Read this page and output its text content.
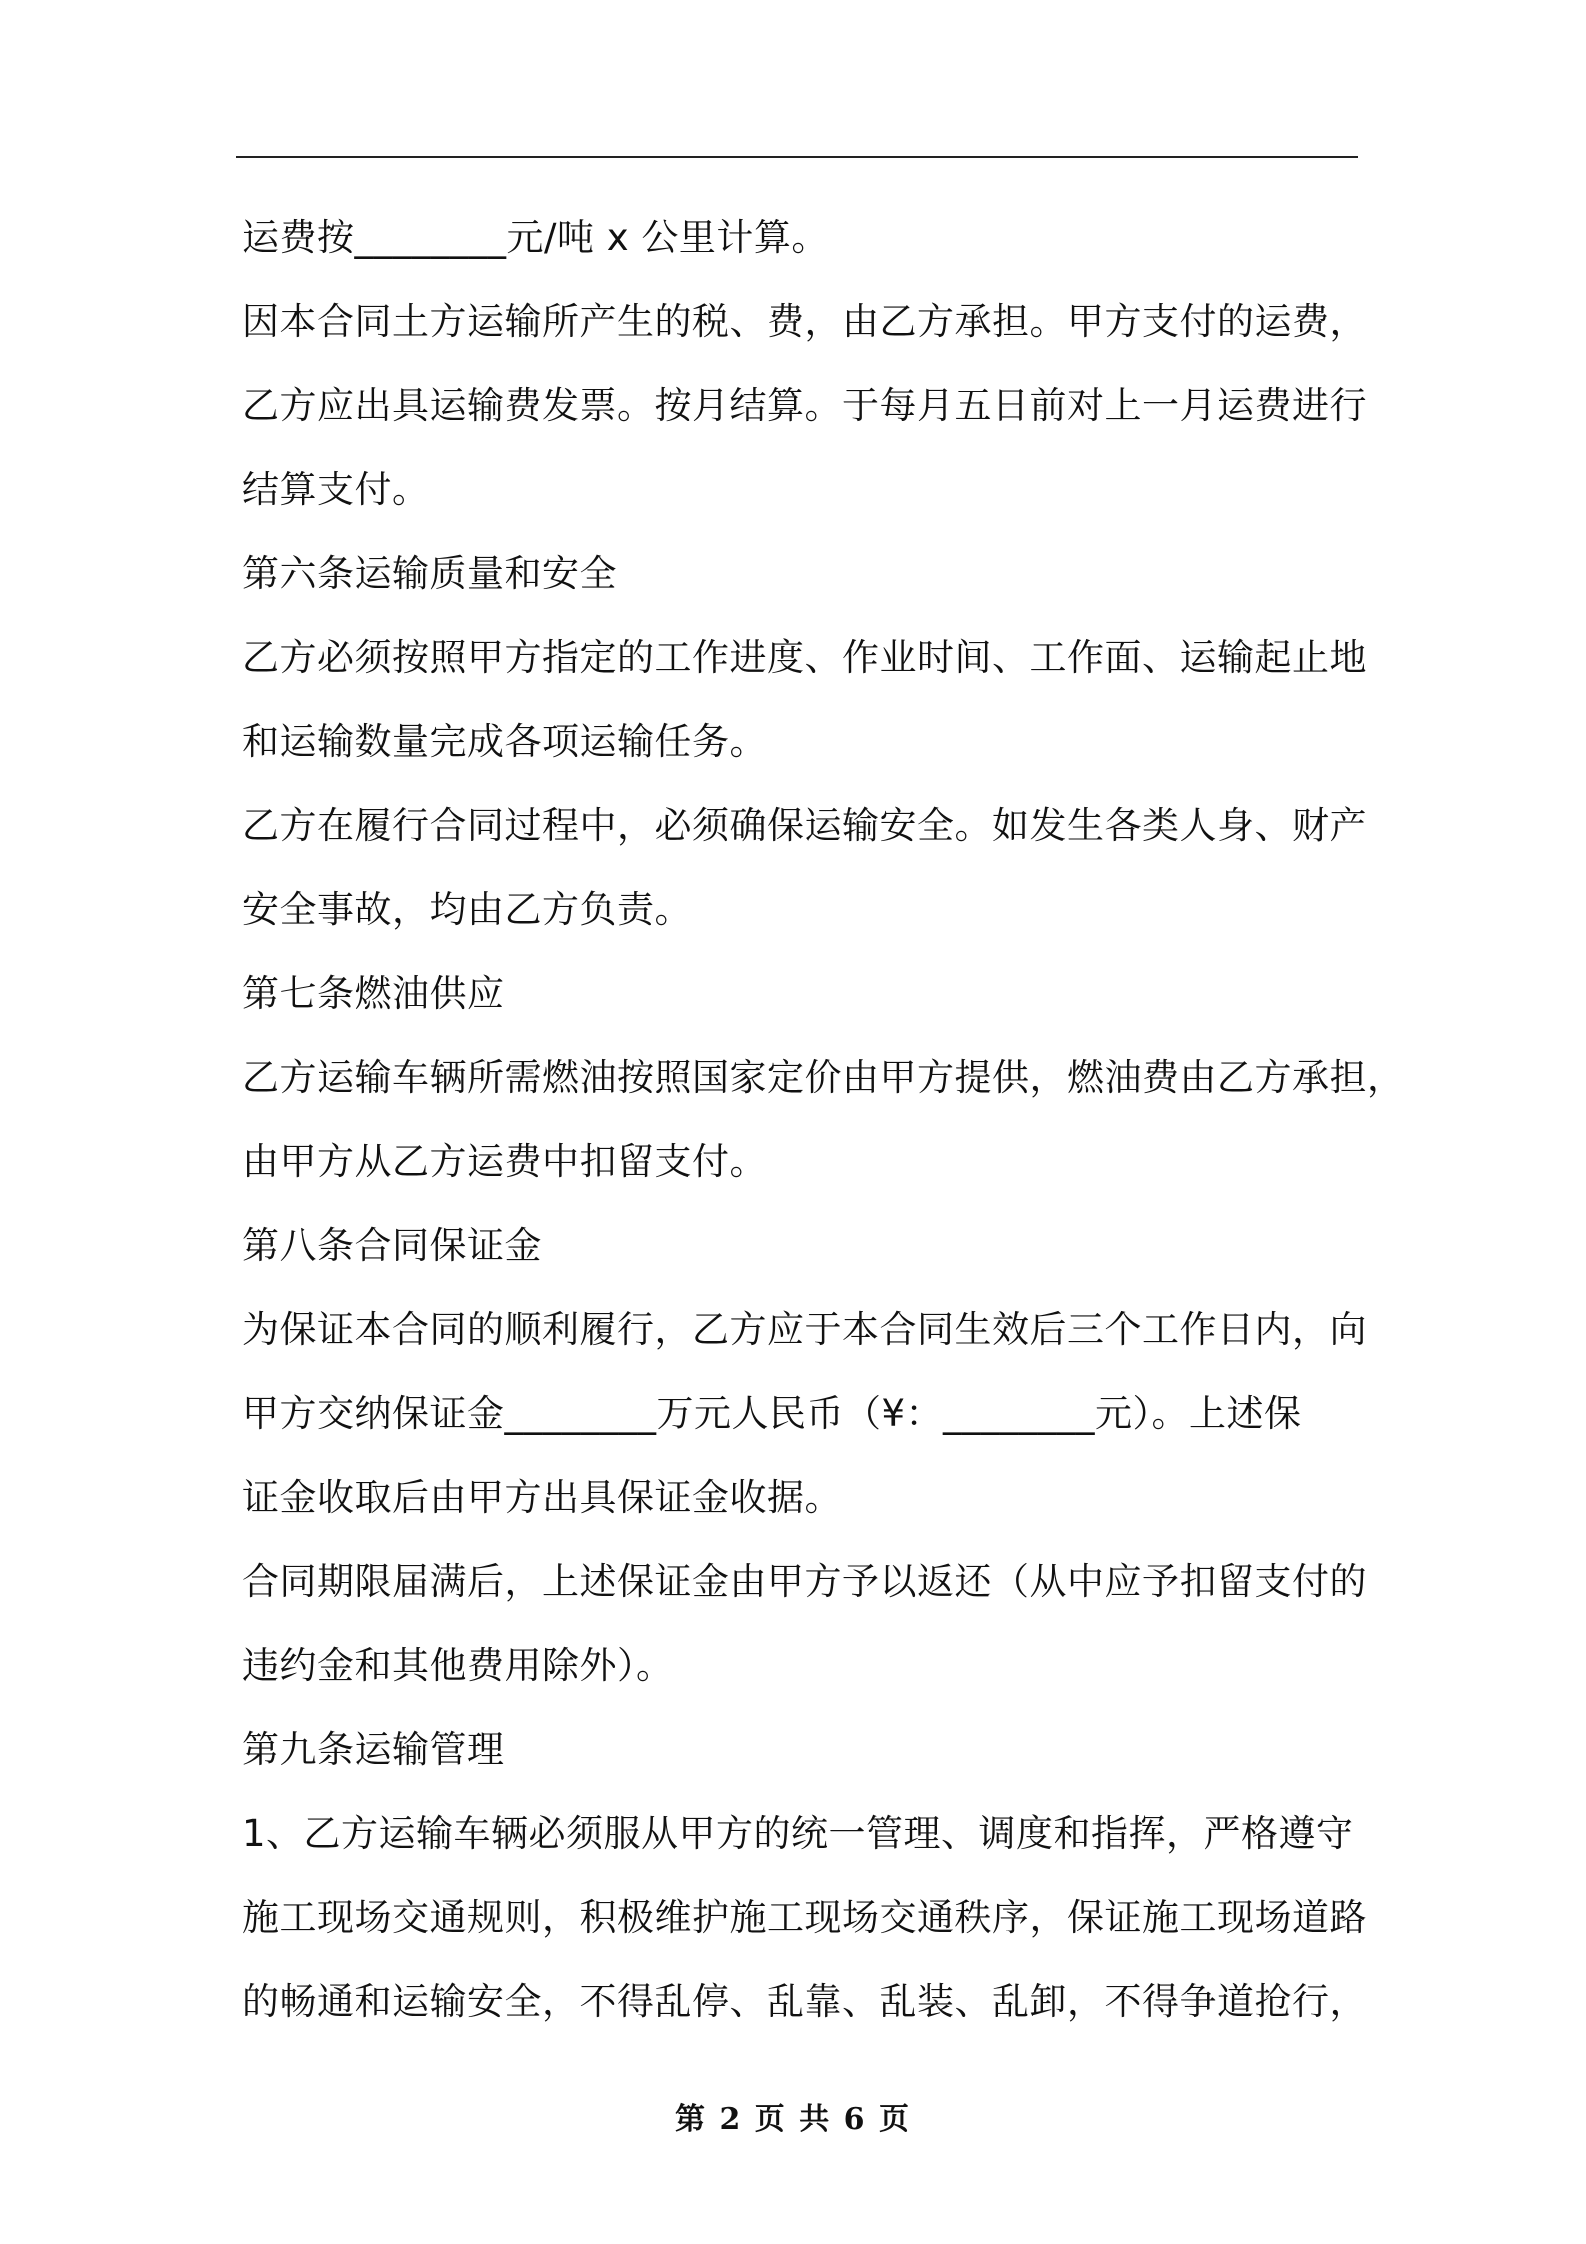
运费按________元/吨 x 公里计算。
因本合同土方运输所产生的税、费，由乙方承担。甲方支付的运费，
乙方应出具运输费发票。按月结算。于每月五日前对上一月运费进行
结算支付。
第六条运输质量和安全
乙方必须按照甲方指定的工作进度、作业时间、工作面、运输起止地
和运输数量完成各项运输任务。
乙方在履行合同过程中，必须确保运输安全。如发生各类人身、财产
安全事故，均由乙方负责。
第七条燃油供应
乙方运输车辆所需燃油按照国家定价由甲方提供，燃油费由乙方承担，
由甲方从乙方运费中扣留支付。
第八条合同保证金
为保证本合同的顺利履行，乙方应于本合同生效后三个工作日内，向
甲方交纳保证金________万元人民币（¥：________元）。上述保
证金收取后由甲方出具保证金收据。
合同期限届满后，上述保证金由甲方予以返还（从中应予扣留支付的
违约金和其他费用除外）。
第九条运输管理
1、乙方运输车辆必须服从甲方的统一管理、调度和指挥，严格遵守
施工现场交通规则，积极维护施工现场交通秩序，保证施工现场道路
的畅通和运输安全，不得乱停、乱靠、乱装、乱卸，不得争道抢行，
第 2 页 共 6 页
